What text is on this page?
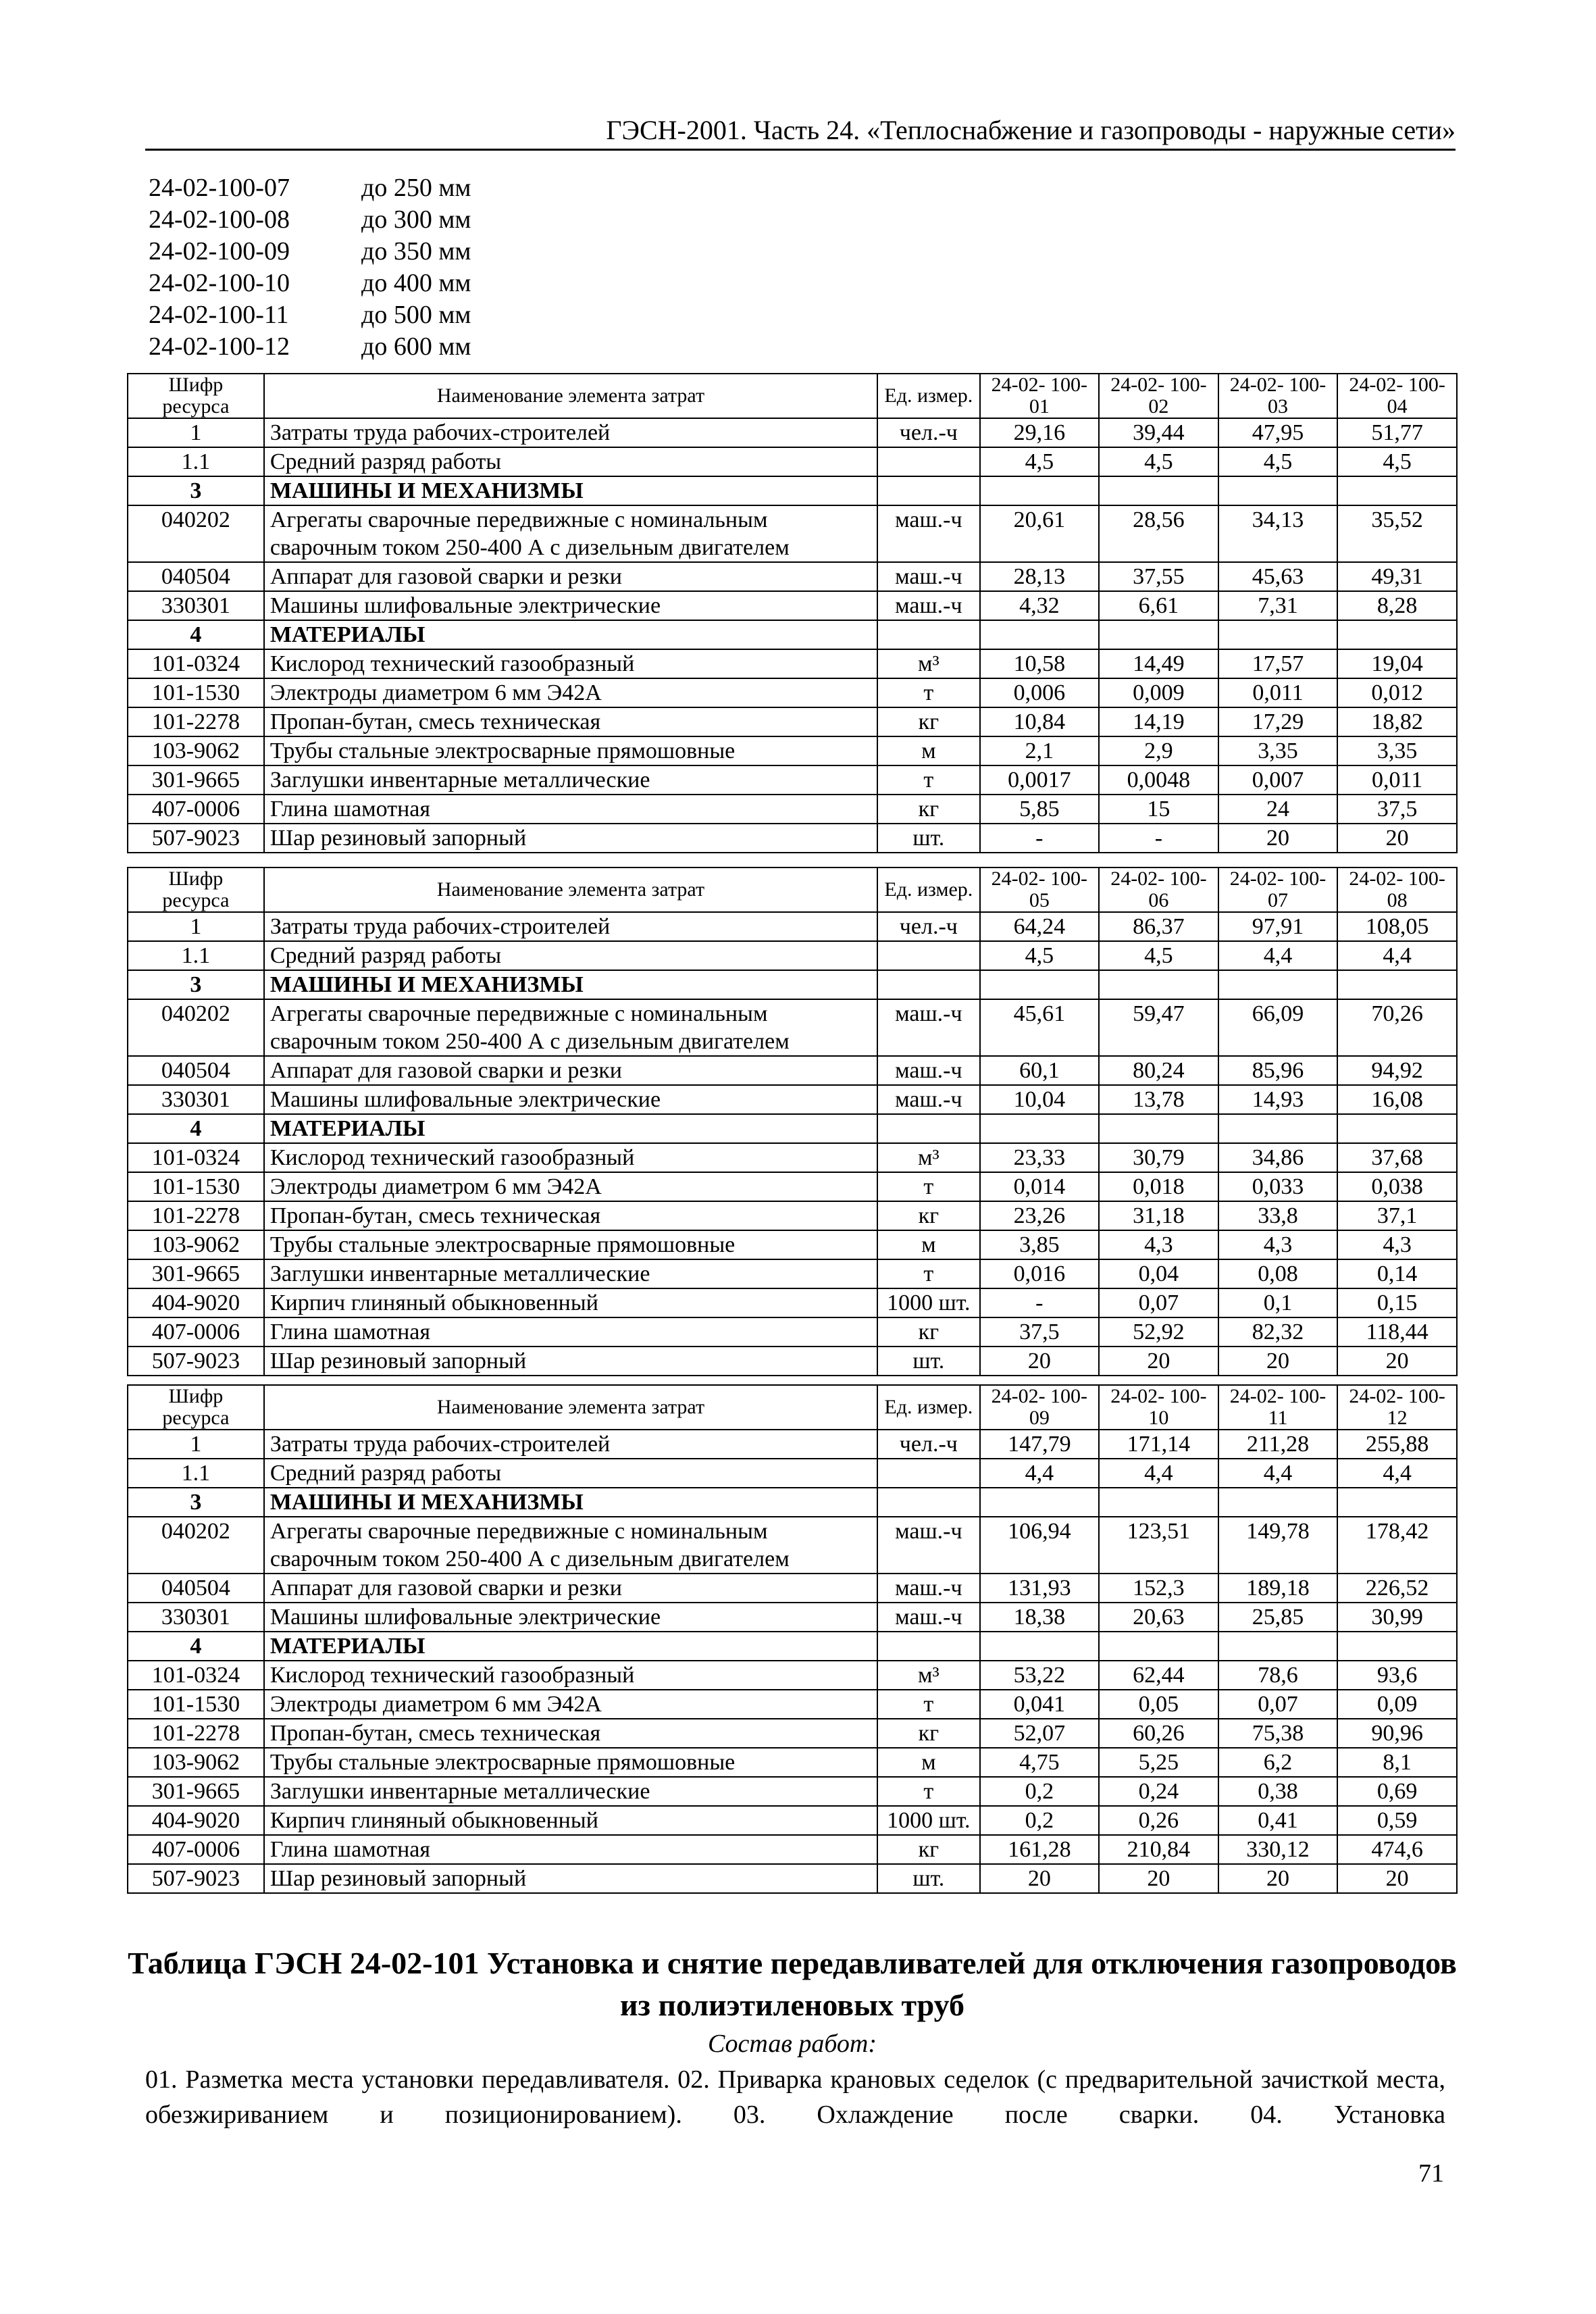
ГЭСН-2001. Часть 24. «Теплоснабжение и газопроводы - наружные сети»
24-02-100-07	до 250 мм
24-02-100-08	до 300 мм
24-02-100-09	до 350 мм
24-02-100-10	до 400 мм
24-02-100-11	до 500 мм
24-02-100-12	до 600 мм
Шифр ресурса	Наименование элемента затрат	Ед. измер.	24-02- 100-01	24-02- 100-02	24-02- 100-03	24-02- 100-04
1	Затраты труда рабочих-строителей	чел.-ч	29,16	39,44	47,95	51,77
1.1	Средний разряд работы		4,5	4,5	4,5	4,5
3	МАШИНЫ И МЕХАНИЗМЫ					
040202	Агрегаты сварочные передвижные с номинальным сварочным током 250-400 А с дизельным двигателем	маш.-ч	20,61	28,56	34,13	35,52
040504	Аппарат для газовой сварки и резки	маш.-ч	28,13	37,55	45,63	49,31
330301	Машины шлифовальные электрические	маш.-ч	4,32	6,61	7,31	8,28
4	МАТЕРИАЛЫ					
101-0324	Кислород технический газообразный	м³	10,58	14,49	17,57	19,04
101-1530	Электроды диаметром 6 мм Э42А	т	0,006	0,009	0,011	0,012
101-2278	Пропан-бутан, смесь техническая	кг	10,84	14,19	17,29	18,82
103-9062	Трубы стальные электросварные прямошовные	м	2,1	2,9	3,35	3,35
301-9665	Заглушки инвентарные металлические	т	0,0017	0,0048	0,007	0,011
407-0006	Глина шамотная	кг	5,85	15	24	37,5
507-9023	Шар резиновый запорный	шт.	-	-	20	20
Шифр ресурса	Наименование элемента затрат	Ед. измер.	24-02- 100-05	24-02- 100-06	24-02- 100-07	24-02- 100-08
1	Затраты труда рабочих-строителей	чел.-ч	64,24	86,37	97,91	108,05
1.1	Средний разряд работы		4,5	4,5	4,4	4,4
3	МАШИНЫ И МЕХАНИЗМЫ					
040202	Агрегаты сварочные передвижные с номинальным сварочным током 250-400 А с дизельным двигателем	маш.-ч	45,61	59,47	66,09	70,26
040504	Аппарат для газовой сварки и резки	маш.-ч	60,1	80,24	85,96	94,92
330301	Машины шлифовальные электрические	маш.-ч	10,04	13,78	14,93	16,08
4	МАТЕРИАЛЫ					
101-0324	Кислород технический газообразный	м³	23,33	30,79	34,86	37,68
101-1530	Электроды диаметром 6 мм Э42А	т	0,014	0,018	0,033	0,038
101-2278	Пропан-бутан, смесь техническая	кг	23,26	31,18	33,8	37,1
103-9062	Трубы стальные электросварные прямошовные	м	3,85	4,3	4,3	4,3
301-9665	Заглушки инвентарные металлические	т	0,016	0,04	0,08	0,14
404-9020	Кирпич глиняный обыкновенный	1000 шт.	-	0,07	0,1	0,15
407-0006	Глина шамотная	кг	37,5	52,92	82,32	118,44
507-9023	Шар резиновый запорный	шт.	20	20	20	20
Шифр ресурса	Наименование элемента затрат	Ед. измер.	24-02- 100-09	24-02- 100-10	24-02- 100-11	24-02- 100-12
1	Затраты труда рабочих-строителей	чел.-ч	147,79	171,14	211,28	255,88
1.1	Средний разряд работы		4,4	4,4	4,4	4,4
3	МАШИНЫ И МЕХАНИЗМЫ					
040202	Агрегаты сварочные передвижные с номинальным сварочным током 250-400 А с дизельным двигателем	маш.-ч	106,94	123,51	149,78	178,42
040504	Аппарат для газовой сварки и резки	маш.-ч	131,93	152,3	189,18	226,52
330301	Машины шлифовальные электрические	маш.-ч	18,38	20,63	25,85	30,99
4	МАТЕРИАЛЫ					
101-0324	Кислород технический газообразный	м³	53,22	62,44	78,6	93,6
101-1530	Электроды диаметром 6 мм Э42А	т	0,041	0,05	0,07	0,09
101-2278	Пропан-бутан, смесь техническая	кг	52,07	60,26	75,38	90,96
103-9062	Трубы стальные электросварные прямошовные	м	4,75	5,25	6,2	8,1
301-9665	Заглушки инвентарные металлические	т	0,2	0,24	0,38	0,69
404-9020	Кирпич глиняный обыкновенный	1000 шт.	0,2	0,26	0,41	0,59
407-0006	Глина шамотная	кг	161,28	210,84	330,12	474,6
507-9023	Шар резиновый запорный	шт.	20	20	20	20
Таблица ГЭСН 24-02-101 Установка и снятие передавливателей для отключения газопроводов из полиэтиленовых труб
Состав работ:
01. Разметка места установки передавливателя. 02. Приварка крановых седелок (с предварительной зачисткой места, обезжириванием и позиционированием). 03. Охлаждение после сварки. 04. Установка
71
